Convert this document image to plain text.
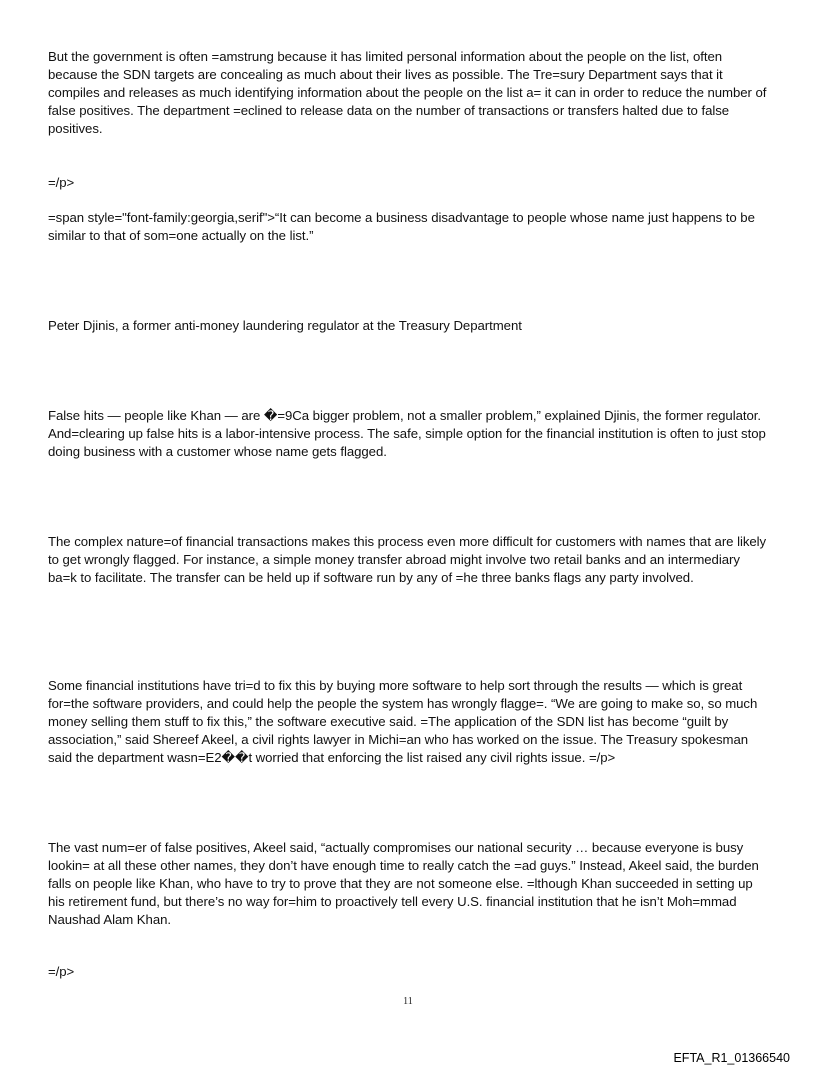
But the government is often =amstrung because it has limited personal information about the people on the list, often because the SDN targets are concealing as much about their lives as possible. The Tre=sury Department says that it compiles and releases as much identifying information about the people on the list a= it can in order to reduce the number of false positives. The department =eclined to release data on the number of transactions or transfers halted due to false positives.

=/p>

=span style="font-family:georgia,serif">“It can become a business disadvantage to people whose name just happens to be similar to that of som=one actually on the list.”

Peter Djinis, a former anti-money laundering regulator at the Treasury Department

False hits — people like Khan — are �=9Ca bigger problem, not a smaller problem,” explained Djinis, the former regulator. And=clearing up false hits is a labor-intensive process. The safe, simple option for the financial institution is often to just stop doing business with a customer whose name gets flagged.

The complex nature=of financial transactions makes this process even more difficult for customers with names that are likely to get wrongly flagged. For instance, a simple money transfer abroad might involve two retail banks and an intermediary ba=k to facilitate. The transfer can be held up if software run by any of =he three banks flags any party involved.

Some financial institutions have tri=d to fix this by buying more software to help sort through the results — which is great for=the software providers, and could help the people the system has wrongly flagge=. “We are going to make so, so much money selling them stuff to fix this,” the software executive said. =The application of the SDN list has become “guilt by association,” said Shereef Akeel, a civil rights lawyer in Michi=an who has worked on the issue. The Treasury spokesman said the department wasn=E2��t worried that enforcing the list raised any civil rights issue. =/p>

The vast num=er of false positives, Akeel said, “actually compromises our national security … because everyone is busy lookin= at all these other names, they don’t have enough time to really catch the =ad guys.” Instead, Akeel said, the burden falls on people like Khan, who have to try to prove that they are not someone else. =lthough Khan succeeded in setting up his retirement fund, but there’s no way for=him to proactively tell every U.S. financial institution that he isn’t Moh=mmad Naushad Alam Khan.

=/p>

11
EFTA_R1_01366540
